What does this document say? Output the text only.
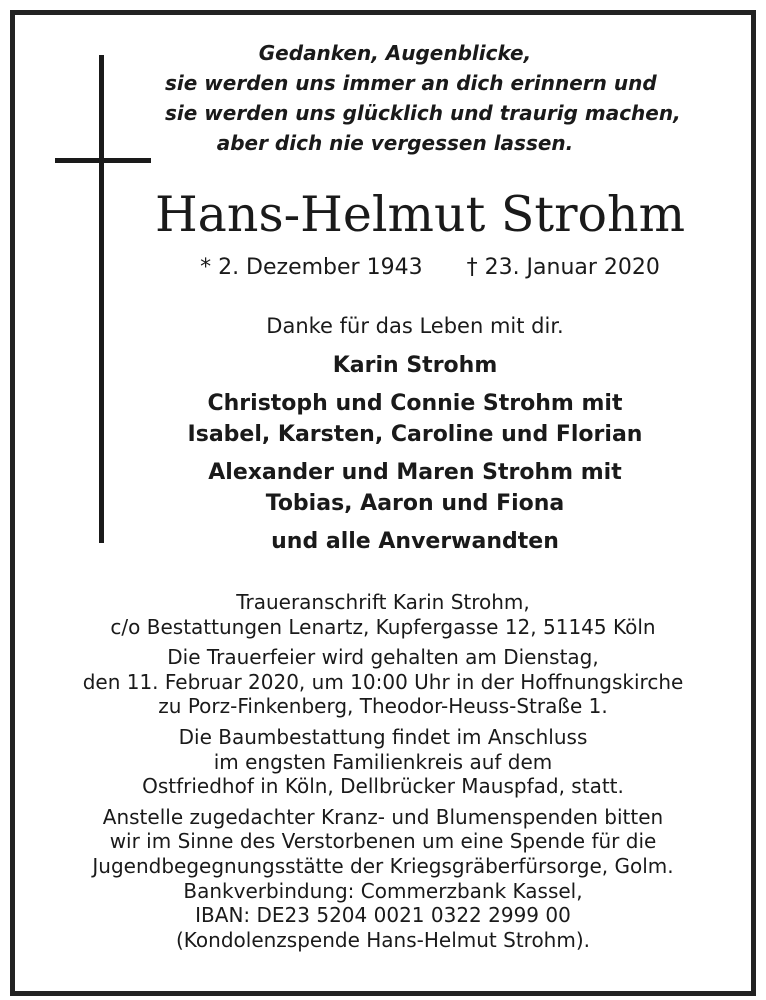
Gedanken, Augenblicke,
sie werden uns immer an dich erinnern und
sie werden uns glücklich und traurig machen,
aber dich nie vergessen lassen.
Hans-Helmut Strohm
* 2. Dezember 1943 † 23. Januar 2020
Danke für das Leben mit dir.
Karin Strohm
Christoph und Connie Strohm mit
Isabel, Karsten, Caroline und Florian
Alexander und Maren Strohm mit
Tobias, Aaron und Fiona
und alle Anverwandten
Traueranschrift Karin Strohm,
c/o Bestattungen Lenartz, Kupfergasse 12, 51145 Köln
Die Trauerfeier wird gehalten am Dienstag,
den 11. Februar 2020, um 10:00 Uhr in der Hoffnungskirche
zu Porz-Finkenberg, Theodor-Heuss-Straße 1.
Die Baumbestattung findet im Anschluss
im engsten Familienkreis auf dem
Ostfriedhof in Köln, Dellbrücker Mauspfad, statt.
Anstelle zugedachter Kranz- und Blumenspenden bitten
wir im Sinne des Verstorbenen um eine Spende für die
Jugendbegegnungsstätte der Kriegsgräberfürsorge, Golm.
Bankverbindung: Commerzbank Kassel,
IBAN: DE23 5204 0021 0322 2999 00
(Kondolenzspende Hans-Helmut Strohm).
